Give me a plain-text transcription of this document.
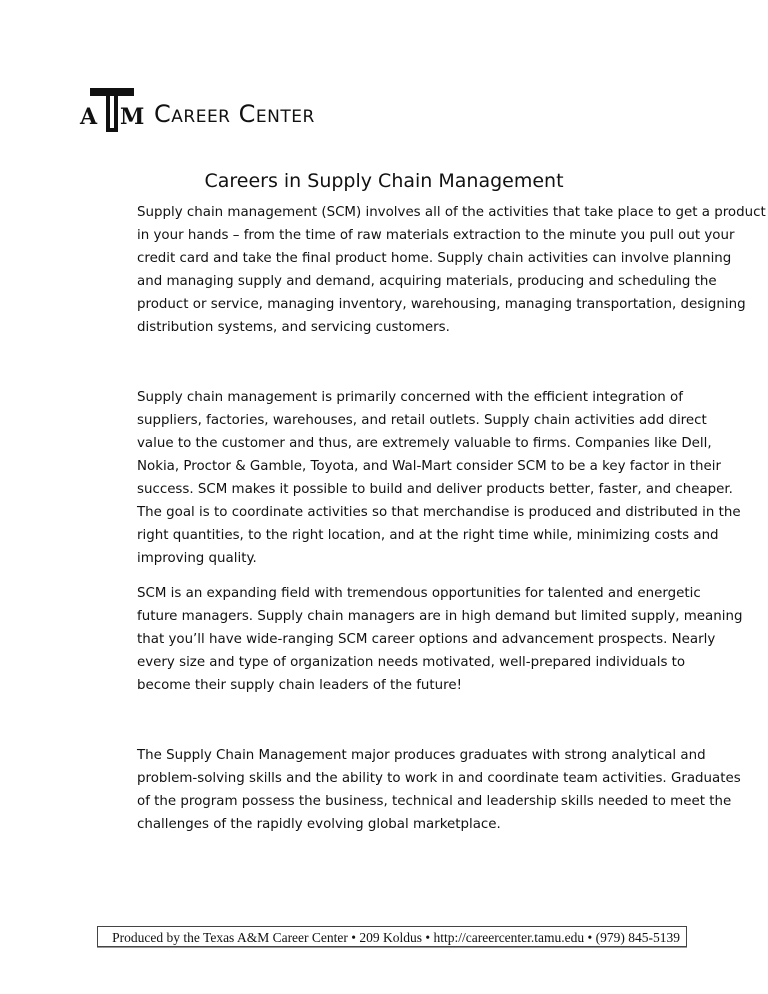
A M Career Center
Careers in Supply Chain Management
Supply chain management (SCM) involves all of the activities that take place to get a product
in your hands – from the time of raw materials extraction to the minute you pull out your
credit card and take the final product home. Supply chain activities can involve planning
and managing supply and demand, acquiring materials, producing and scheduling the
product or service, managing inventory, warehousing, managing transportation, designing
distribution systems, and servicing customers.
Supply chain management is primarily concerned with the efficient integration of
suppliers, factories, warehouses, and retail outlets. Supply chain activities add direct
value to the customer and thus, are extremely valuable to firms. Companies like Dell,
Nokia, Proctor & Gamble, Toyota, and Wal-Mart consider SCM to be a key factor in their
success. SCM makes it possible to build and deliver products better, faster, and cheaper.
The goal is to coordinate activities so that merchandise is produced and distributed in the
right quantities, to the right location, and at the right time while, minimizing costs and
improving quality.
SCM is an expanding field with tremendous opportunities for talented and energetic
future managers. Supply chain managers are in high demand but limited supply, meaning
that you’ll have wide-ranging SCM career options and advancement prospects. Nearly
every size and type of organization needs motivated, well-prepared individuals to
become their supply chain leaders of the future!
The Supply Chain Management major produces graduates with strong analytical and
problem-solving skills and the ability to work in and coordinate team activities. Graduates
of the program possess the business, technical and leadership skills needed to meet the
challenges of the rapidly evolving global marketplace.
Produced by the Texas A&M Career Center • 209 Koldus • http://careercenter.tamu.edu • (979) 845-5139
